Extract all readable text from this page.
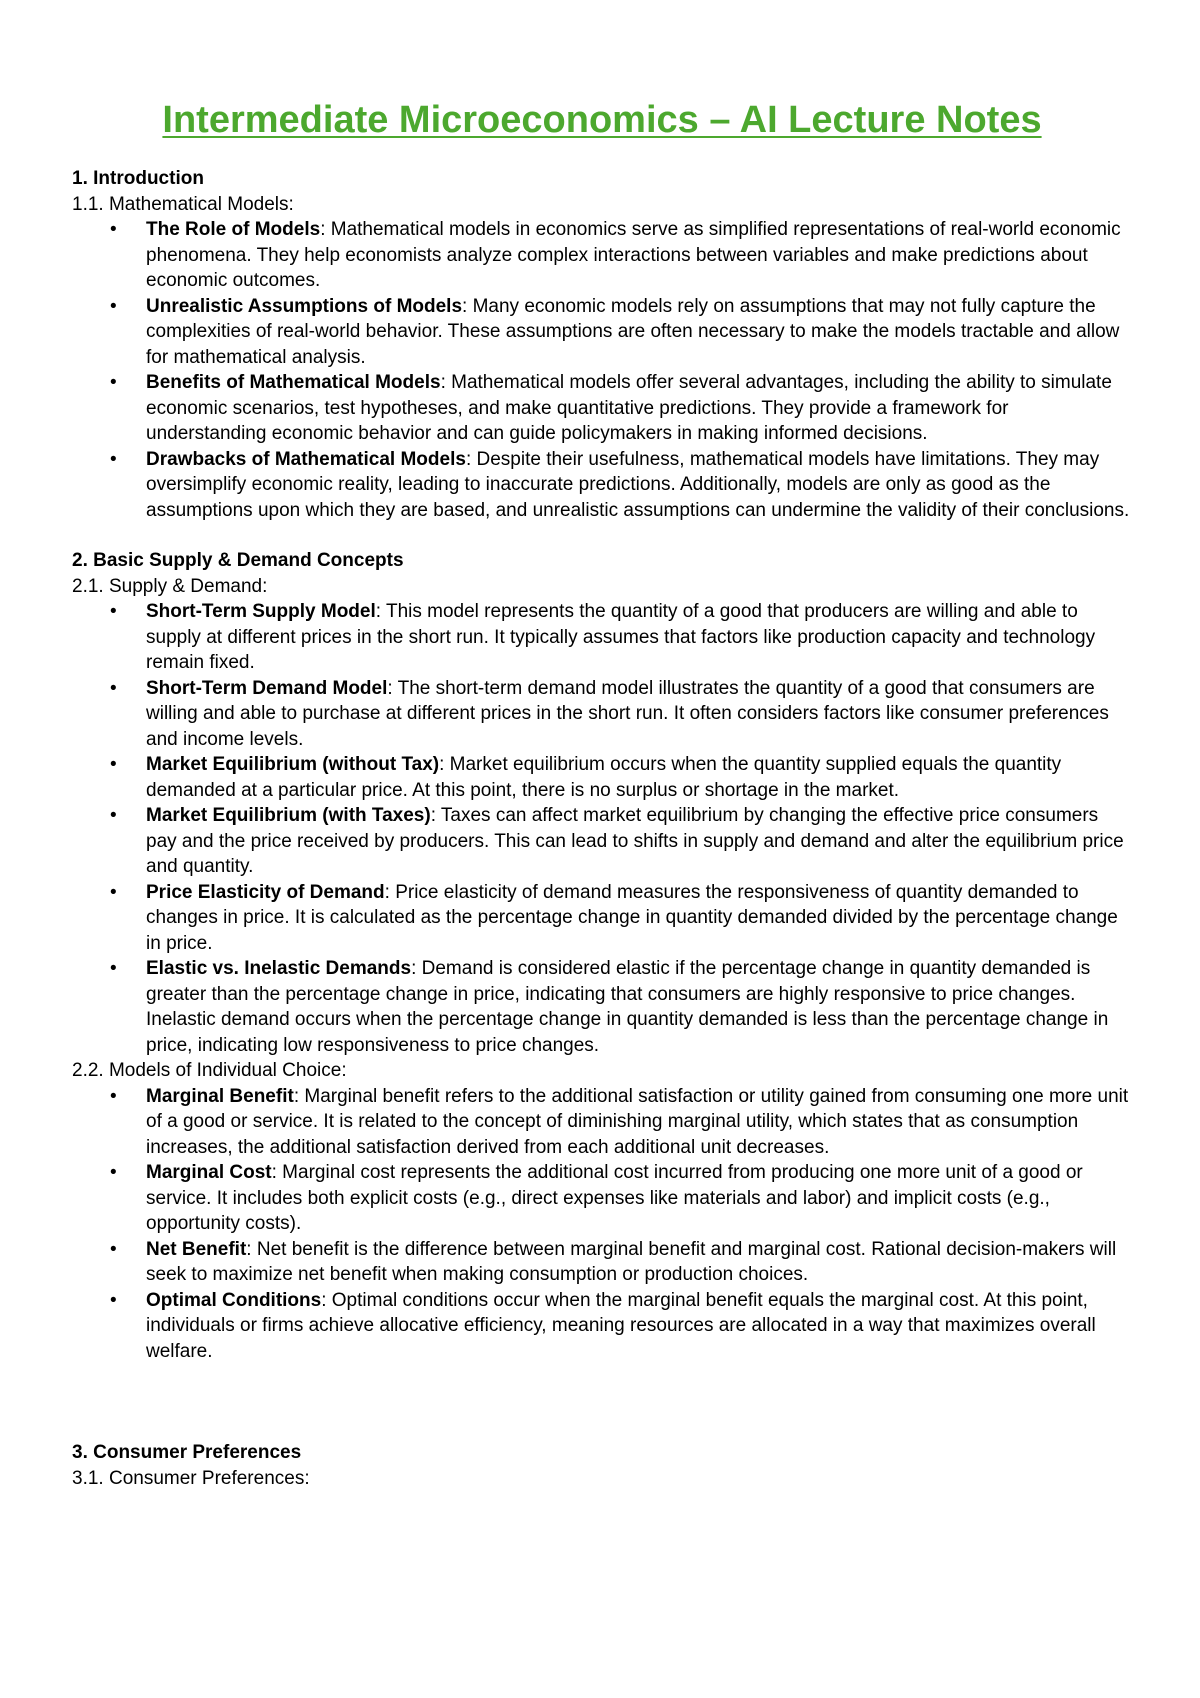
Intermediate Microeconomics – AI Lecture Notes

1. Introduction

1.1. Mathematical Models:

• The Role of Models: Mathematical models in economics serve as simplified representations of real-world economic phenomena. They help economists analyze complex interactions between variables and make predictions about economic outcomes.
• Unrealistic Assumptions of Models: Many economic models rely on assumptions that may not fully capture the complexities of real-world behavior. These assumptions are often necessary to make the models tractable and allow for mathematical analysis.
• Benefits of Mathematical Models: Mathematical models offer several advantages, including the ability to simulate economic scenarios, test hypotheses, and make quantitative predictions. They provide a framework for understanding economic behavior and can guide policymakers in making informed decisions.
• Drawbacks of Mathematical Models: Despite their usefulness, mathematical models have limitations. They may oversimplify economic reality, leading to inaccurate predictions. Additionally, models are only as good as the assumptions upon which they are based, and unrealistic assumptions can undermine the validity of their conclusions.

2. Basic Supply & Demand Concepts

2.1. Supply & Demand:

• Short-Term Supply Model: This model represents the quantity of a good that producers are willing and able to supply at different prices in the short run. It typically assumes that factors like production capacity and technology remain fixed.
• Short-Term Demand Model: The short-term demand model illustrates the quantity of a good that consumers are willing and able to purchase at different prices in the short run. It often considers factors like consumer preferences and income levels.
• Market Equilibrium (without Tax): Market equilibrium occurs when the quantity supplied equals the quantity demanded at a particular price. At this point, there is no surplus or shortage in the market.
• Market Equilibrium (with Taxes): Taxes can affect market equilibrium by changing the effective price consumers pay and the price received by producers. This can lead to shifts in supply and demand and alter the equilibrium price and quantity.
• Price Elasticity of Demand: Price elasticity of demand measures the responsiveness of quantity demanded to changes in price. It is calculated as the percentage change in quantity demanded divided by the percentage change in price.
• Elastic vs. Inelastic Demands: Demand is considered elastic if the percentage change in quantity demanded is greater than the percentage change in price, indicating that consumers are highly responsive to price changes. Inelastic demand occurs when the percentage change in quantity demanded is less than the percentage change in price, indicating low responsiveness to price changes.

2.2. Models of Individual Choice:

• Marginal Benefit: Marginal benefit refers to the additional satisfaction or utility gained from consuming one more unit of a good or service. It is related to the concept of diminishing marginal utility, which states that as consumption increases, the additional satisfaction derived from each additional unit decreases.
• Marginal Cost: Marginal cost represents the additional cost incurred from producing one more unit of a good or service. It includes both explicit costs (e.g., direct expenses like materials and labor) and implicit costs (e.g., opportunity costs).
• Net Benefit: Net benefit is the difference between marginal benefit and marginal cost. Rational decision-makers will seek to maximize net benefit when making consumption or production choices.
• Optimal Conditions: Optimal conditions occur when the marginal benefit equals the marginal cost. At this point, individuals or firms achieve allocative efficiency, meaning resources are allocated in a way that maximizes overall welfare.

3. Consumer Preferences

3.1. Consumer Preferences:
